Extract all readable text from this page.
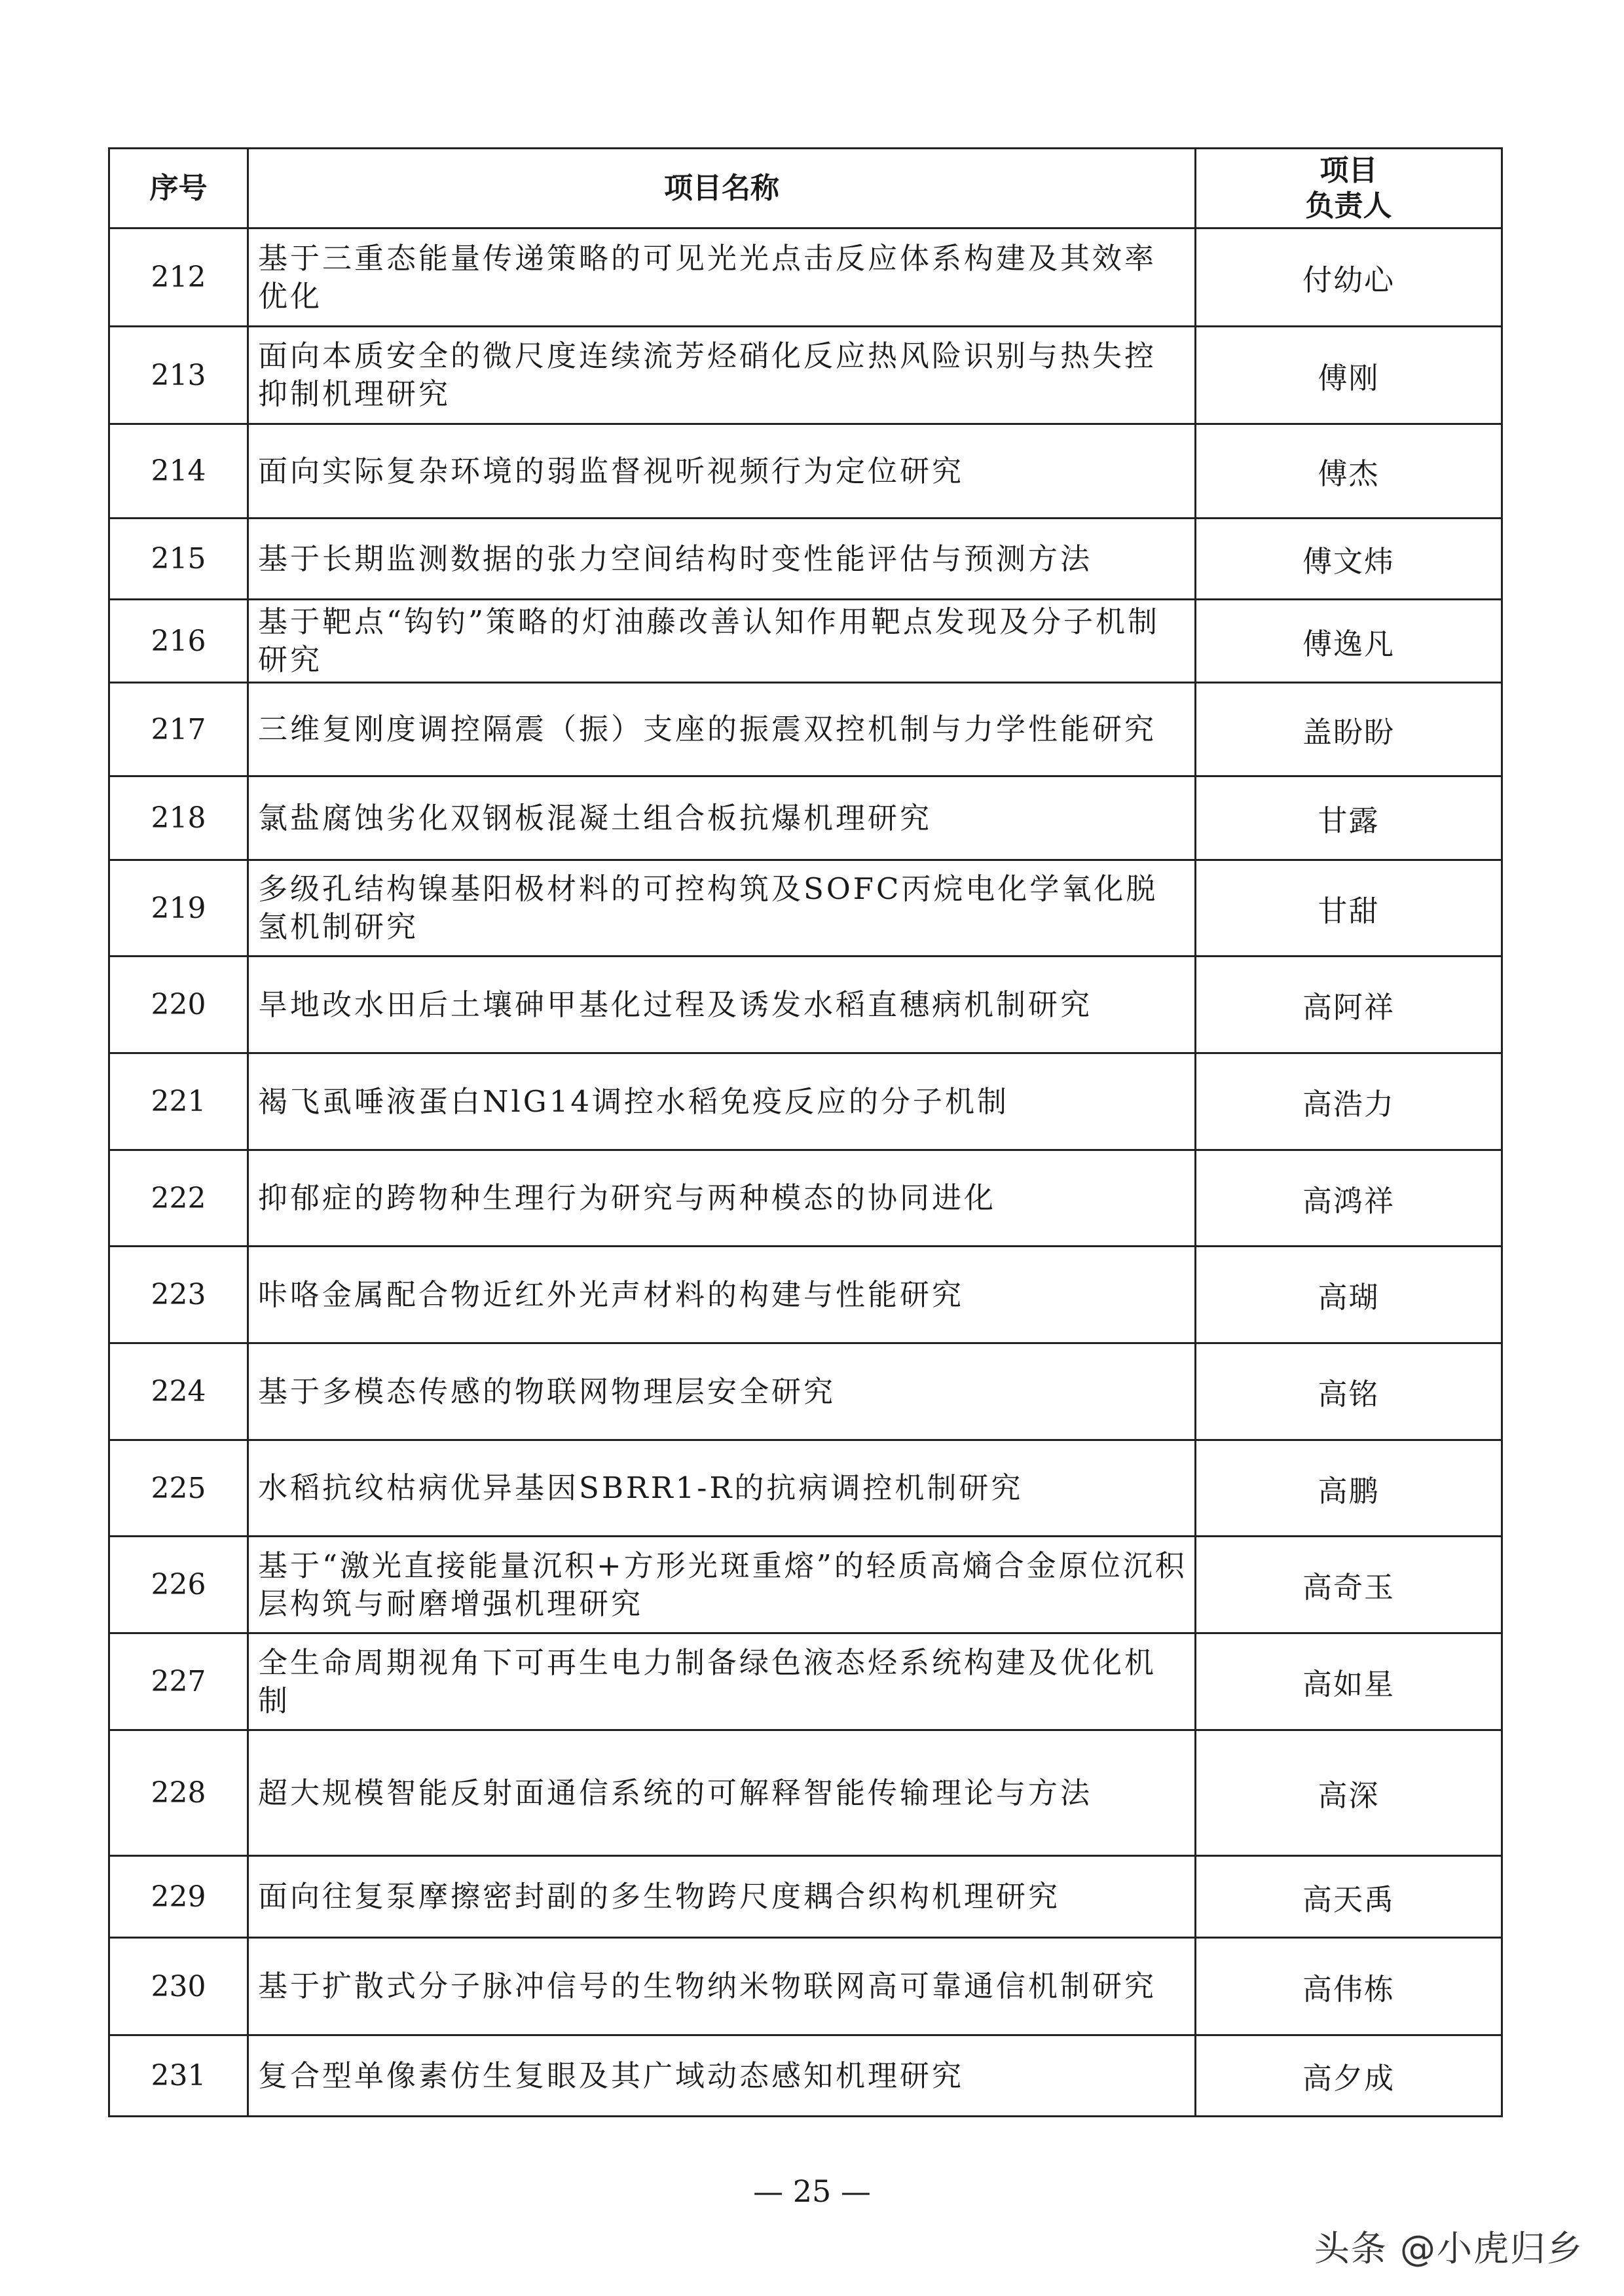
序号	项目名称	项目
负责人

212	基于三重态能量传递策略的可见光光点击反应体系构建及其效率优化	付幼心
213	面向本质安全的微尺度连续流芳烃硝化反应热风险识别与热失控抑制机理研究	傅刚
214	面向实际复杂环境的弱监督视听视频行为定位研究	傅杰
215	基于长期监测数据的张力空间结构时变性能评估与预测方法	傅文炜
216	基于靶点“钩钓”策略的灯油藤改善认知作用靶点发现及分子机制研究	傅逸凡
217	三维复刚度调控隔震（振）支座的振震双控机制与力学性能研究	盖盼盼
218	氯盐腐蚀劣化双钢板混凝土组合板抗爆机理研究	甘露
219	多级孔结构镍基阳极材料的可控构筑及SOFC丙烷电化学氧化脱氢机制研究	甘甜
220	旱地改水田后土壤砷甲基化过程及诱发水稻直穗病机制研究	高阿祥
221	褐飞虱唾液蛋白NlG14调控水稻免疫反应的分子机制	高浩力
222	抑郁症的跨物种生理行为研究与两种模态的协同进化	高鸿祥
223	咔咯金属配合物近红外光声材料的构建与性能研究	高瑚
224	基于多模态传感的物联网物理层安全研究	高铭
225	水稻抗纹枯病优异基因SBRR1-R的抗病调控机制研究	高鹏
226	基于“激光直接能量沉积+方形光斑重熔”的轻质高熵合金原位沉积层构筑与耐磨增强机理研究	高奇玉
227	全生命周期视角下可再生电力制备绿色液态烃系统构建及优化机制	高如星
228	超大规模智能反射面通信系统的可解释智能传输理论与方法	高深
229	面向往复泵摩擦密封副的多生物跨尺度耦合织构机理研究	高天禹
230	基于扩散式分子脉冲信号的生物纳米物联网高可靠通信机制研究	高伟栋
231	复合型单像素仿生复眼及其广域动态感知机理研究	高夕成
— 25 —
头条 @小虎归乡
